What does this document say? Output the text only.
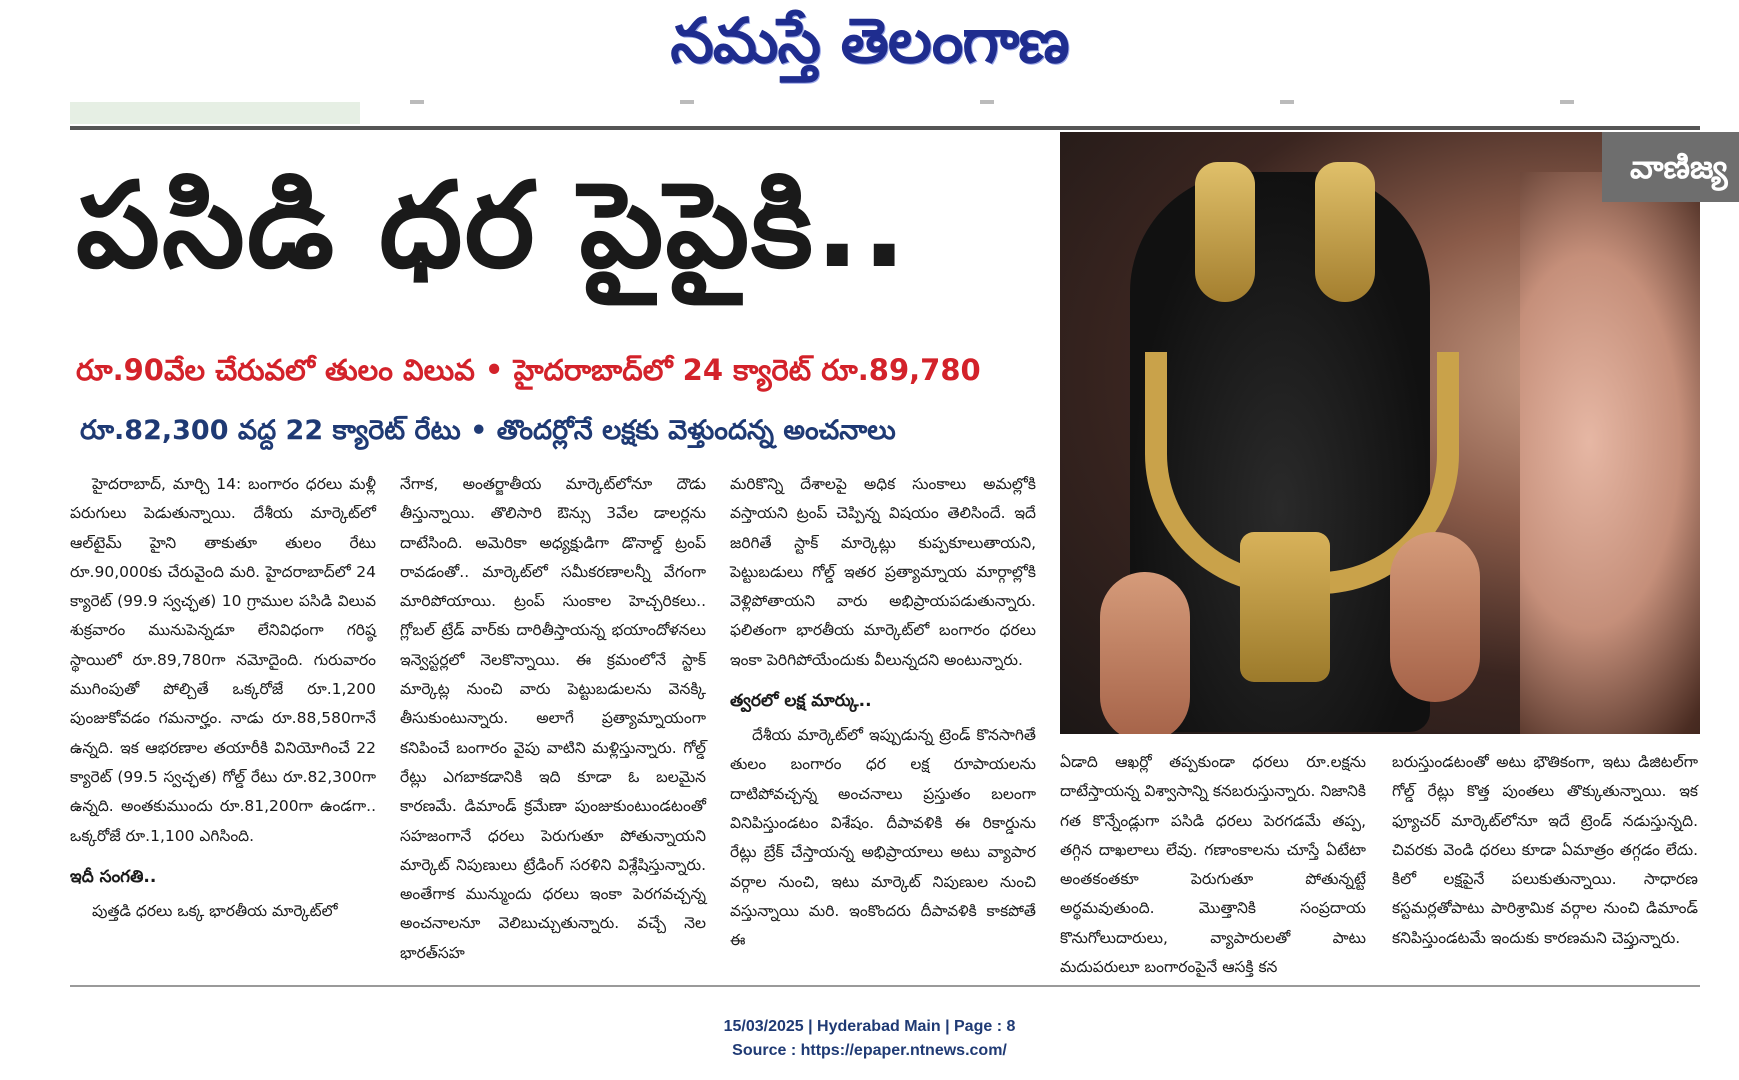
నమస్తే తెలంగాణ
పసిడి ధర పైపైకి..
రూ.90వేల చేరువలో తులం విలువ • హైదరాబాద్‌లో 24 క్యారెట్ రూ.89,780
రూ.82,300 వద్ద 22 క్యారెట్ రేటు • తొందర్లోనే లక్షకు వెళ్తుందన్న అంచనాలు
వాణిజ్య

హైదరాబాద్, మార్చి 14: బంగారం ధరలు మళ్లీ పరుగులు పెడుతున్నాయి. దేశీయ మార్కెట్‌లో ఆల్‌టైమ్ హైని తాకుతూ తులం రేటు రూ.90,000కు చేరువైంది మరి. హైదరాబాద్‌లో 24 క్యారెట్ (99.9 స్వచ్ఛత) 10 గ్రాముల పసిడి విలువ శుక్రవారం మునుపెన్నడూ లేనివిధంగా గరిష్ఠ స్థాయిలో రూ.89,780గా నమోదైంది. గురువారం ముగింపుతో పోల్చితే ఒక్కరోజే రూ.1,200 పుంజుకోవడం గమనార్హం. నాడు రూ.88,580గానే ఉన్నది. ఇక ఆభరణాల తయారీకి వినియోగించే 22 క్యారెట్ (99.5 స్వచ్ఛత) గోల్డ్ రేటు రూ.82,300గా ఉన్నది. అంతకుముందు రూ.81,200గా ఉండగా.. ఒక్కరోజే రూ.1,100 ఎగిసింది.

ఇదీ సంగతి..

పుత్తడి ధరలు ఒక్క భారతీయ మార్కెట్‌లో

నేగాక, అంతర్జాతీయ మార్కెట్‌లోనూ దౌడు తీస్తున్నాయి. తొలిసారి ఔన్సు 3వేల డాలర్లను దాటేసింది. అమెరికా అధ్యక్షుడిగా డొనాల్డ్ ట్రంప్ రావడంతో.. మార్కెట్‌లో సమీకరణాలన్నీ వేగంగా మారిపోయాయి. ట్రంప్ సుంకాల హెచ్చరికలు.. గ్లోబల్ ట్రేడ్ వార్‌కు దారితీస్తాయన్న భయాందోళనలు ఇన్వెస్టర్లలో నెలకొన్నాయి. ఈ క్రమంలోనే స్టాక్ మార్కెట్ల నుంచి వారు పెట్టుబడులను వెనక్కి తీసుకుంటున్నారు. అలాగే ప్రత్యామ్నాయంగా కనిపించే బంగారం వైపు వాటిని మళ్లిస్తున్నారు. గోల్డ్ రేట్లు ఎగబాకడానికి ఇది కూడా ఓ బలమైన కారణమే. డిమాండ్ క్రమేణా పుంజుకుంటుండటంతో సహజంగానే ధరలు పెరుగుతూ పోతున్నాయని మార్కెట్ నిపుణులు ట్రేడింగ్ సరళిని విశ్లేషిస్తున్నారు. అంతేగాక మున్ముందు ధరలు ఇంకా పెరగవచ్చన్న అంచనాలనూ వెలిబుచ్చుతున్నారు. వచ్చే నెల భారత్‌సహ

మరికొన్ని దేశాలపై అధిక సుంకాలు అమల్లోకి వస్తాయని ట్రంప్ చెప్పిన్న విషయం తెలిసిందే. ఇదే జరిగితే స్టాక్ మార్కెట్లు కుప్పకూలుతాయని, పెట్టుబడులు గోల్డ్ ఇతర ప్రత్యామ్నాయ మార్గాల్లోకి వెళ్లిపోతాయని వారు అభిప్రాయపడుతున్నారు. ఫలితంగా భారతీయ మార్కెట్‌లో బంగారం ధరలు ఇంకా పెరిగిపోయేందుకు వీలున్నదని అంటున్నారు.

త్వరలో లక్ష మార్కు..

దేశీయ మార్కెట్‌లో ఇప్పుడున్న ట్రెండ్ కొనసాగితే తులం బంగారం ధర లక్ష రూపాయలను దాటిపోవచ్చన్న అంచనాలు ప్రస్తుతం బలంగా వినిపిస్తుండటం విశేషం. దీపావళికి ఈ రికార్డును రేట్లు బ్రేక్ చేస్తాయన్న అభిప్రాయాలు అటు వ్యాపార వర్గాల నుంచి, ఇటు మార్కెట్ నిపుణుల నుంచి వస్తున్నాయి మరి. ఇంకొందరు దీపావళికి కాకపోతే ఈ

ఏడాది ఆఖర్లో తప్పకుండా ధరలు రూ.లక్షను దాటేస్తాయన్న విశ్వాసాన్ని కనబరుస్తున్నారు. నిజానికి గత కొన్నేండ్లుగా పసిడి ధరలు పెరగడమే తప్ప, తగ్గిన దాఖలాలు లేవు. గణాంకాలను చూస్తే ఏటేటా అంతకంతకూ పెరుగుతూ పోతున్నట్టే అర్థమవుతుంది. మొత్తానికి సంప్రదాయ కొనుగోలుదారులు, వ్యాపారులతో పాటు మదుపరులూ బంగారంపైనే ఆసక్తి కన

బరుస్తుండటంతో అటు భౌతికంగా, ఇటు డిజిటల్‌గా గోల్డ్ రేట్లు కొత్త పుంతలు తొక్కుతున్నాయి. ఇక ఫ్యూచర్ మార్కెట్‌లోనూ ఇదే ట్రెండ్ నడుస్తున్నది. చివరకు వెండి ధరలు కూడా ఏమాత్రం తగ్గడం లేదు. కిలో లక్షపైనే పలుకుతున్నాయి. సాధారణ కస్టమర్లతోపాటు పారిశ్రామిక వర్గాల నుంచి డిమాండ్ కనిపిస్తుండటమే ఇందుకు కారణమని చెప్తున్నారు.

15/03/2025 | Hyderabad Main | Page : 8
Source : https://epaper.ntnews.com/
